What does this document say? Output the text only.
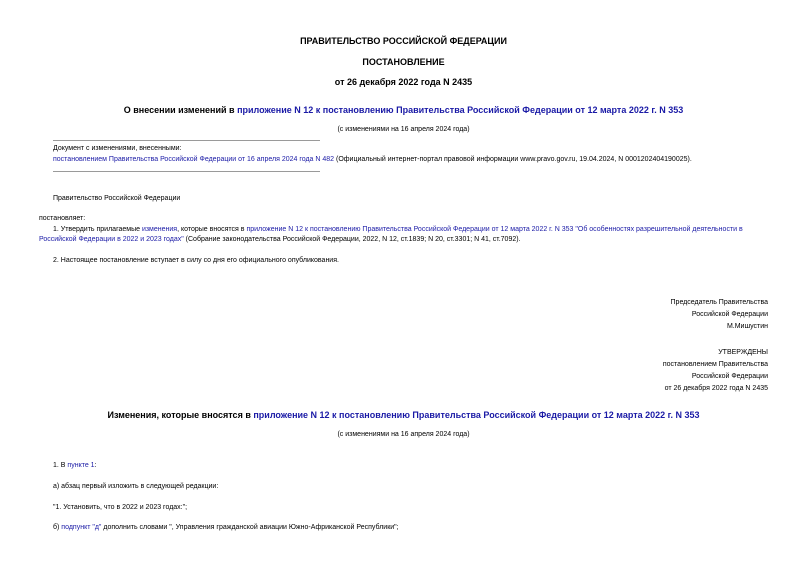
ПРАВИТЕЛЬСТВО РОССИЙСКОЙ ФЕДЕРАЦИИ
ПОСТАНОВЛЕНИЕ
от 26 декабря 2022 года N 2435
О внесении изменений в приложение N 12 к постановлению Правительства Российской Федерации от 12 марта 2022 г. N 353
(с изменениями на 16 апреля 2024 года)
Документ с изменениями, внесенными:
постановлением Правительства Российской Федерации от 16 апреля 2024 года N 482 (Официальный интернет-портал правовой информации www.pravo.gov.ru, 19.04.2024, N 0001202404190025).
Правительство Российской Федерации
постановляет:
1. Утвердить прилагаемые изменения, которые вносятся в приложение N 12 к постановлению Правительства Российской Федерации от 12 марта 2022 г. N 353 "Об особенностях разрешительной деятельности в
Российской Федерации в 2022 и 2023 годах" (Собрание законодательства Российской Федерации, 2022, N 12, ст.1839; N 20, ст.3301; N 41, ст.7092).
2. Настоящее постановление вступает в силу со дня его официального опубликования.
Председатель Правительства
Российской Федерации
М.Мишустин
УТВЕРЖДЕНЫ
постановлением Правительства
Российской Федерации
от 26 декабря 2022 года N 2435
Изменения, которые вносятся в приложение N 12 к постановлению Правительства Российской Федерации от 12 марта 2022 г. N 353
(с изменениями на 16 апреля 2024 года)
1. В пункте 1:
а) абзац первый изложить в следующей редакции:
"1. Установить, что в 2022 и 2023 годах:";
б) подпункт "д" дополнить словами ", Управления гражданской авиации Южно-Африканской Республики";
